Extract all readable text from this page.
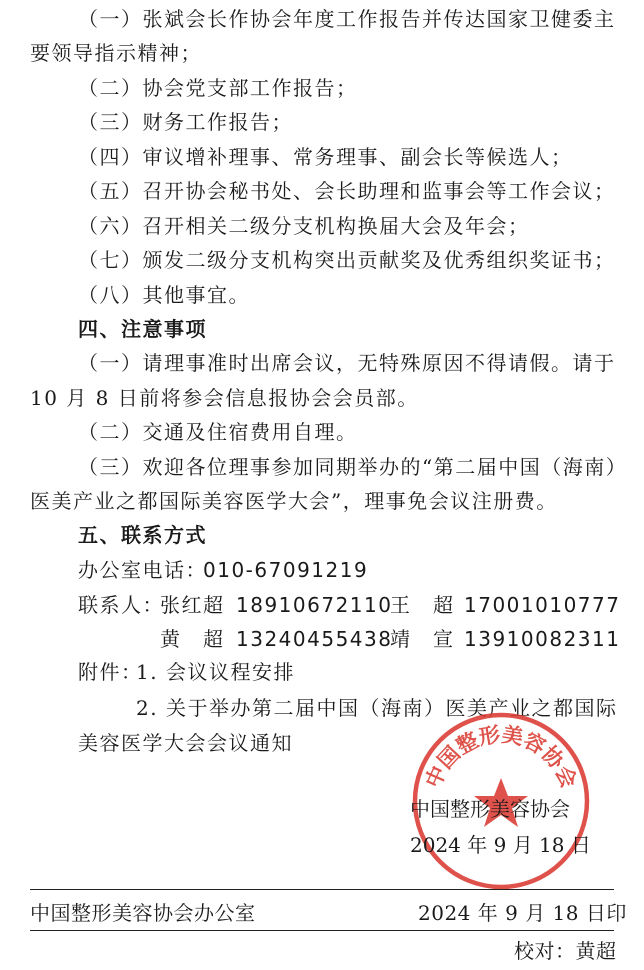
（一）张斌会长作协会年度工作报告并传达国家卫健委主
要领导指示精神；
（二）协会党支部工作报告；
（三）财务工作报告；
（四）审议增补理事、常务理事、副会长等候选人；
（五）召开协会秘书处、会长助理和监事会等工作会议；
（六）召开相关二级分支机构换届大会及年会；
（七）颁发二级分支机构突出贡献奖及优秀组织奖证书；
（八）其他事宜。
四、注意事项
（一）请理事准时出席会议，无特殊原因不得请假。请于
10 月 8 日前将参会信息报协会会员部。
（二）交通及住宿费用自理。
（三）欢迎各位理事参加同期举办的“第二届中国（海南）
医美产业之都国际美容医学大会”，理事免会议注册费。
五、联系方式
办公室电话：
010-67091219
联系人：
张红超 18910672110
王　超 17001010777
黄　超 13240455438
靖　宣 13910082311
附件：
1. 会议议程安排
2. 关于举办第二届中国（海南）医美产业之都国际
美容医学大会会议通知
中国整形美容协会
中国整形美容协会
2024 年 9 月 18 日
中国整形美容协会办公室	2024 年 9 月 18 日印
校对：黄超
